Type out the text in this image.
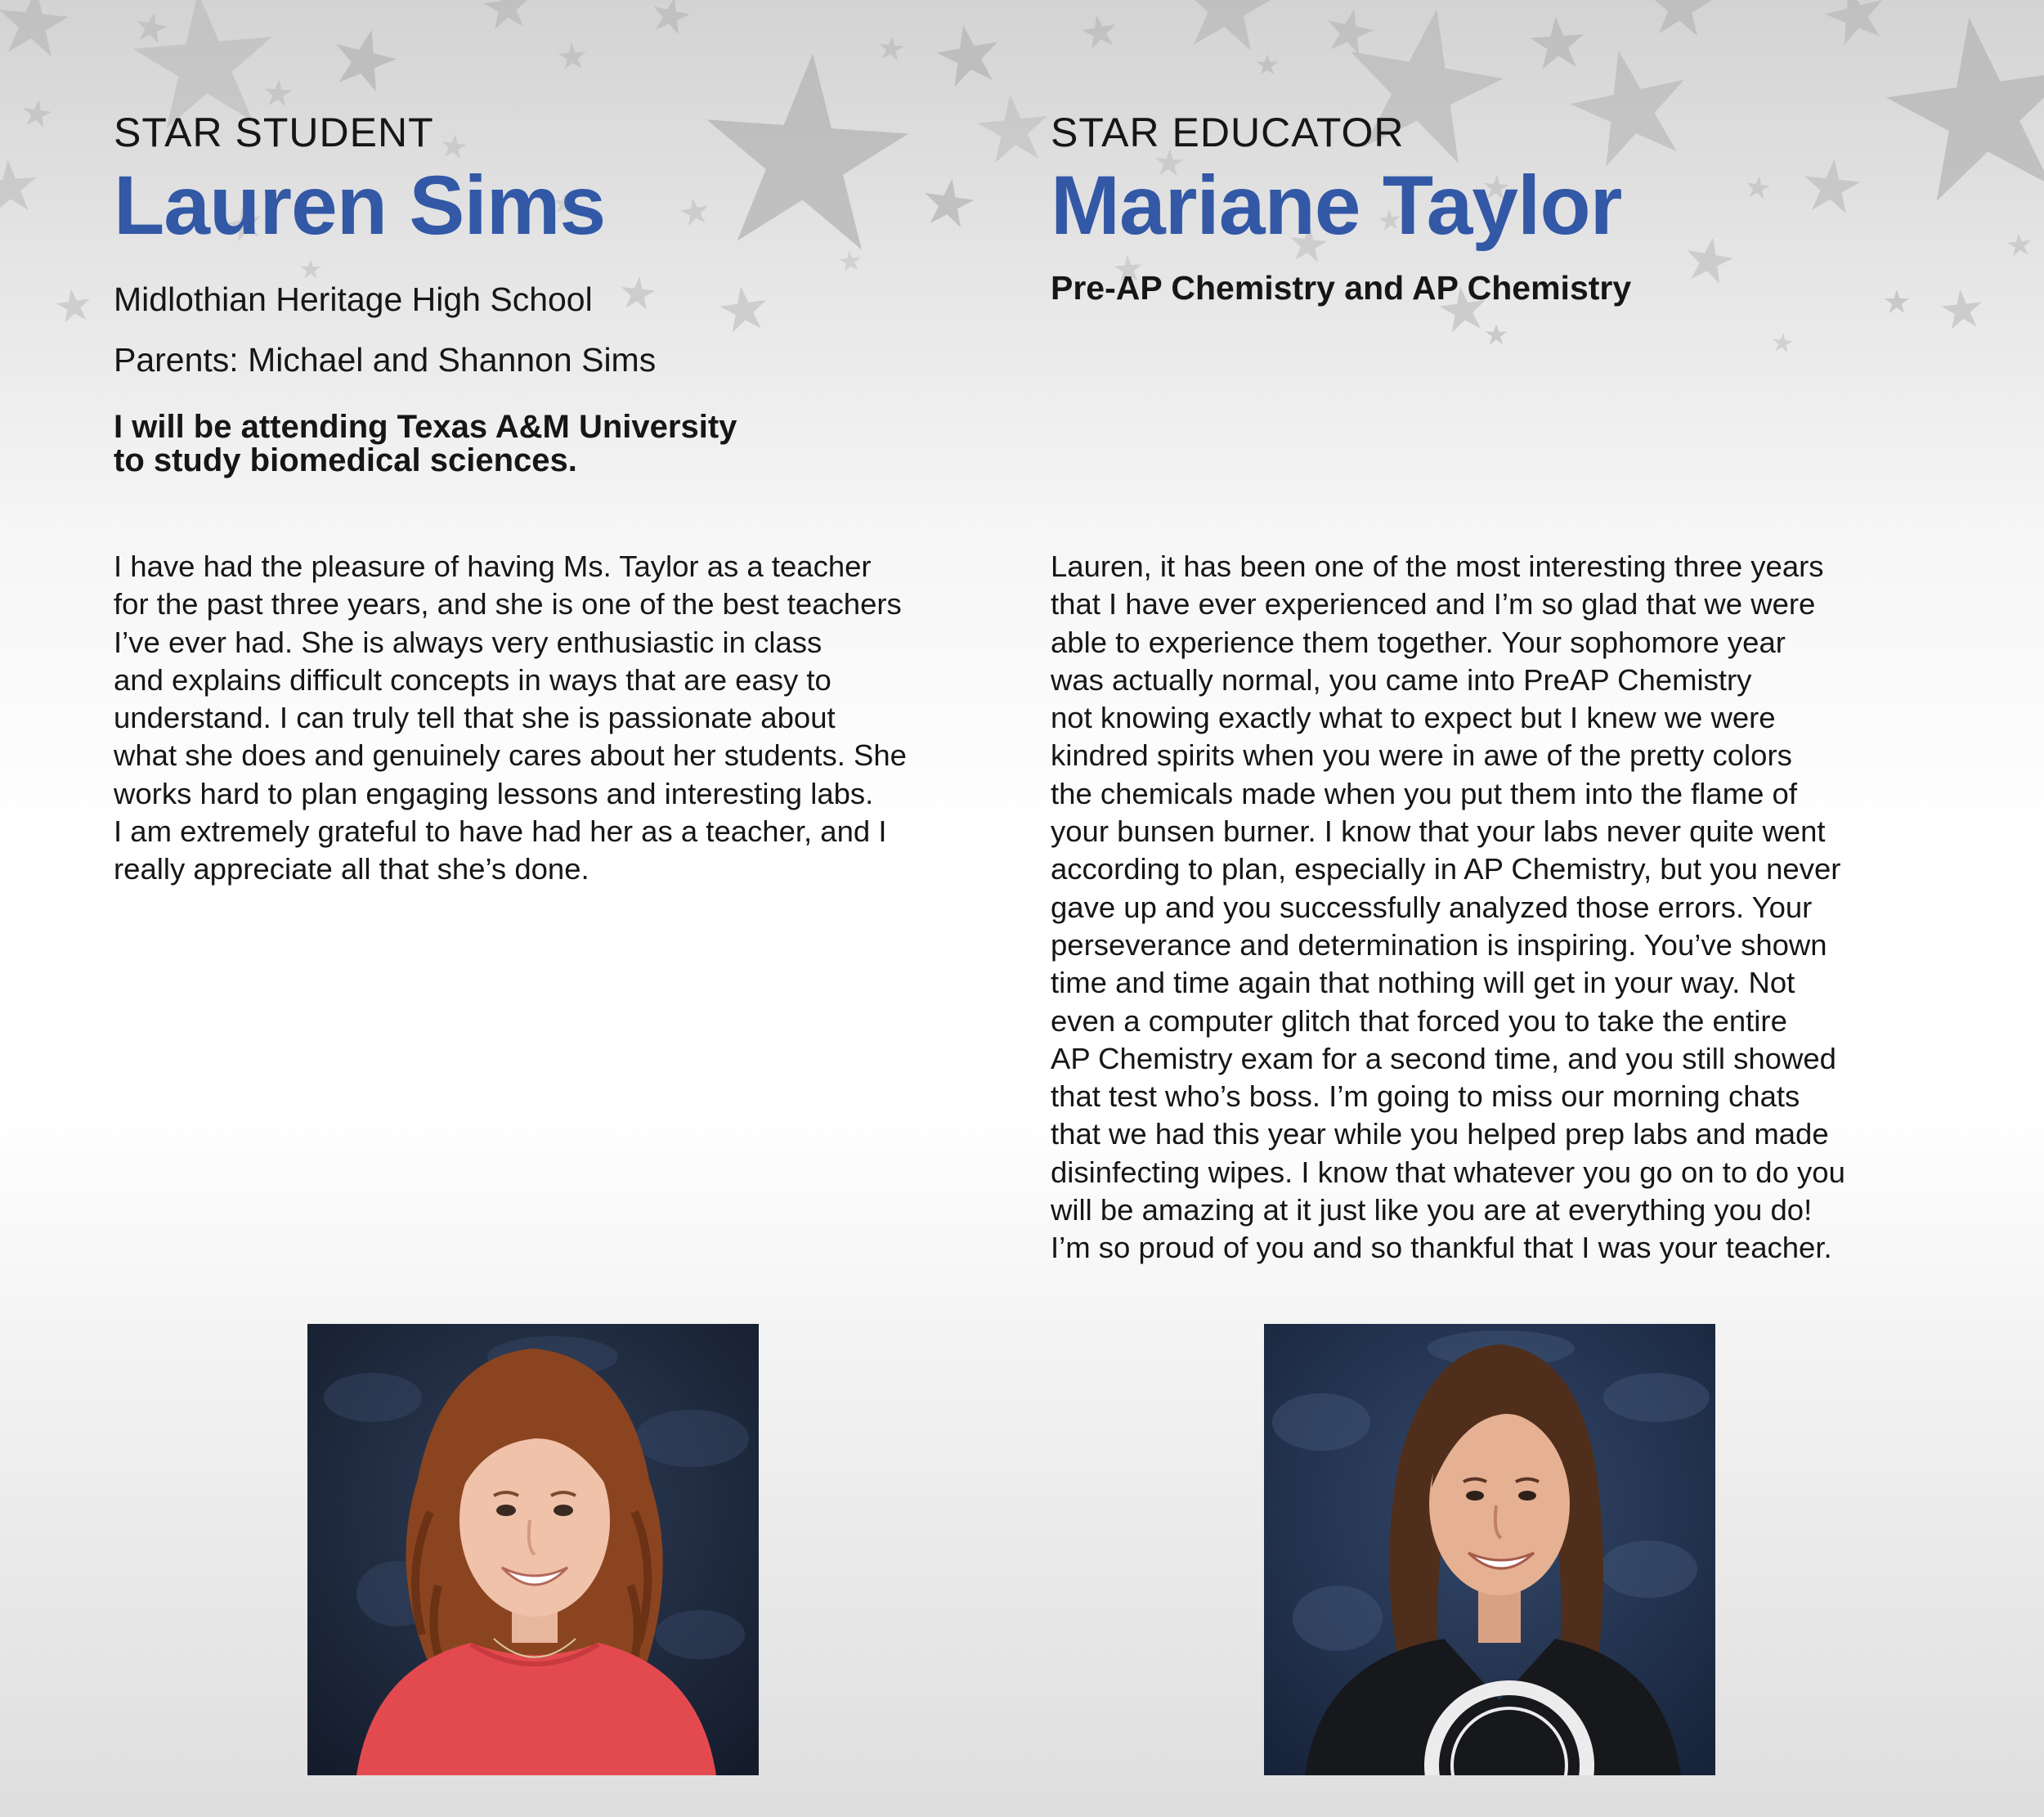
STAR STUDENT
Lauren Sims
Midlothian Heritage High School
Parents: Michael and Shannon Sims
I will be attending Texas A&M University
to study biomedical sciences.
I have had the pleasure of having Ms. Taylor as a teacher
for the past three years, and she is one of the best teachers
I’ve ever had. She is always very enthusiastic in class
and explains difficult concepts in ways that are easy to
understand. I can truly tell that she is passionate about
what she does and genuinely cares about her students. She
works hard to plan engaging lessons and interesting labs.
I am extremely grateful to have had her as a teacher, and I
really appreciate all that she’s done.
STAR EDUCATOR
Mariane Taylor
Pre-AP Chemistry and AP Chemistry
Lauren, it has been one of the most interesting three years
that I have ever experienced and I’m so glad that we were
able to experience them together. Your sophomore year
was actually normal, you came into PreAP Chemistry
not knowing exactly what to expect but I knew we were
kindred spirits when you were in awe of the pretty colors
the chemicals made when you put them into the flame of
your bunsen burner. I know that your labs never quite went
according to plan, especially in AP Chemistry, but you never
gave up and you successfully analyzed those errors. Your
perseverance and determination is inspiring. You’ve shown
time and time again that nothing will get in your way. Not
even a computer glitch that forced you to take the entire
AP Chemistry exam for a second time, and you still showed
that test who’s boss. I’m going to miss our morning chats
that we had this year while you helped prep labs and made
disinfecting wipes. I know that whatever you go on to do you
will be amazing at it just like you are at everything you do!
I’m so proud of you and so thankful that I was your teacher.
